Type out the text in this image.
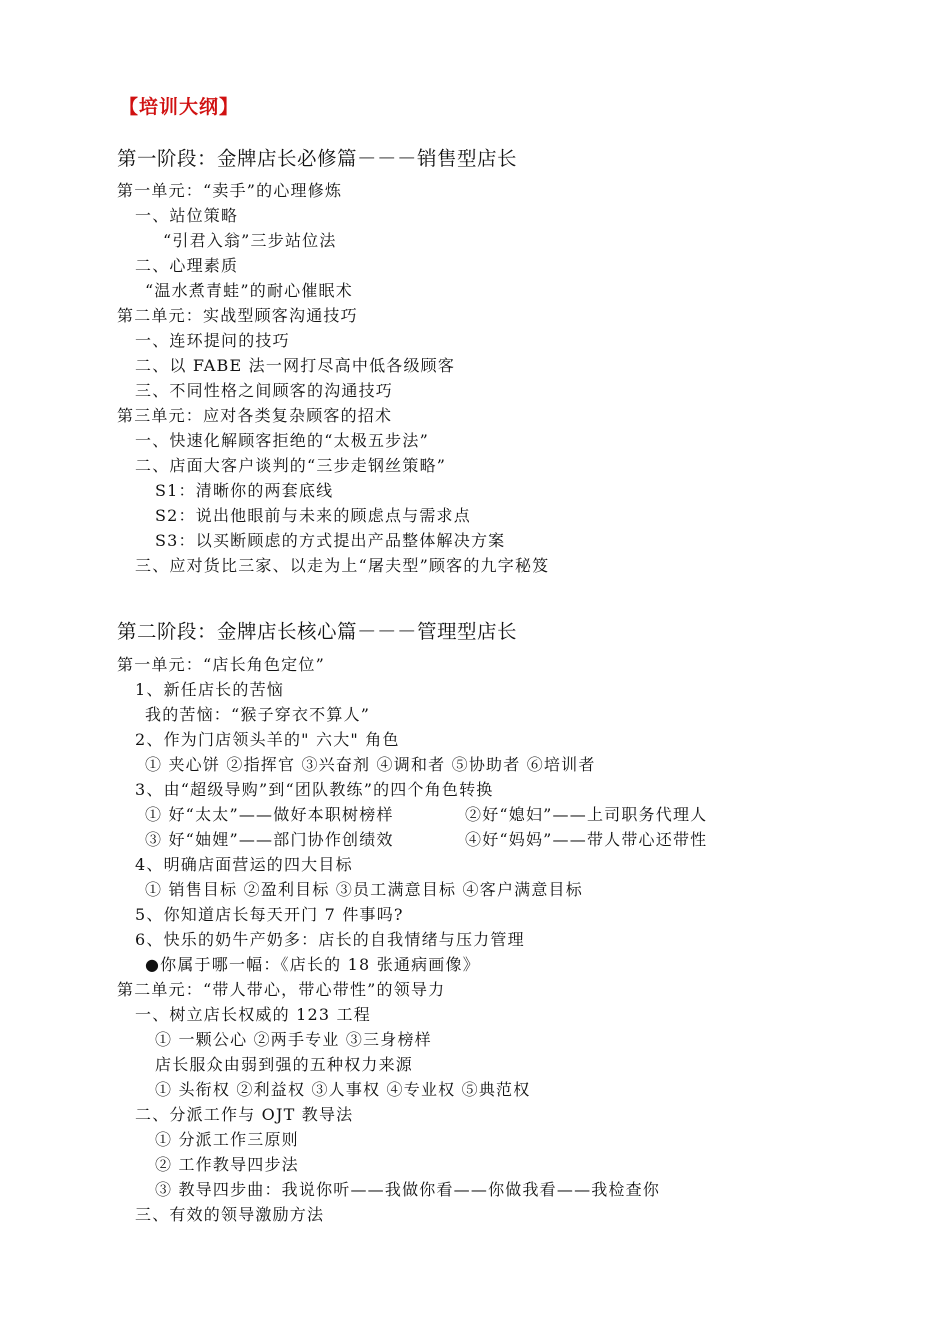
【培训大纲】
第一阶段：金牌店长必修篇－－－销售型店长
第一单元：“卖手”的心理修炼
一、站位策略
“引君入翁”三步站位法
二、心理素质
“温水煮青蛙”的耐心催眠术
第二单元：实战型顾客沟通技巧
一、连环提问的技巧
二、以 FABE 法一网打尽高中低各级顾客
三、不同性格之间顾客的沟通技巧
第三单元：应对各类复杂顾客的招术
一、快速化解顾客拒绝的“太极五步法”
二、店面大客户谈判的“三步走钢丝策略”
S1：清晰你的两套底线
S2：说出他眼前与未来的顾虑点与需求点
S3：以买断顾虑的方式提出产品整体解决方案
三、应对货比三家、以走为上“屠夫型”顾客的九字秘笈
第二阶段：金牌店长核心篇－－－管理型店长
第一单元：“店长角色定位”
1、新任店长的苦恼
我的苦恼：“猴子穿衣不算人”
2、作为门店领头羊的" 六大" 角色
① 夹心饼 ②指挥官 ③兴奋剂 ④调和者 ⑤协助者 ⑥培训者
3、由“超级导购”到“团队教练”的四个角色转换
① 好“太太”——做好本职树榜样	②好“媳妇”——上司职务代理人
③ 好“妯娌”——部门协作创绩效	④好“妈妈”——带人带心还带性
4、明确店面营运的四大目标
① 销售目标 ②盈利目标 ③员工满意目标 ④客户满意目标
5、你知道店长每天开门 7 件事吗?
6、快乐的奶牛产奶多：店长的自我情绪与压力管理
●你属于哪一幅：《店长的 18 张通病画像》
第二单元：“带人带心，带心带性”的领导力
一、树立店长权威的 123 工程
① 一颗公心 ②两手专业 ③三身榜样
店长服众由弱到强的五种权力来源
① 头衔权 ②利益权 ③人事权 ④专业权 ⑤典范权
二、分派工作与 OJT 教导法
① 分派工作三原则
② 工作教导四步法
③ 教导四步曲：我说你听——我做你看——你做我看——我检查你
三、有效的领导激励方法
